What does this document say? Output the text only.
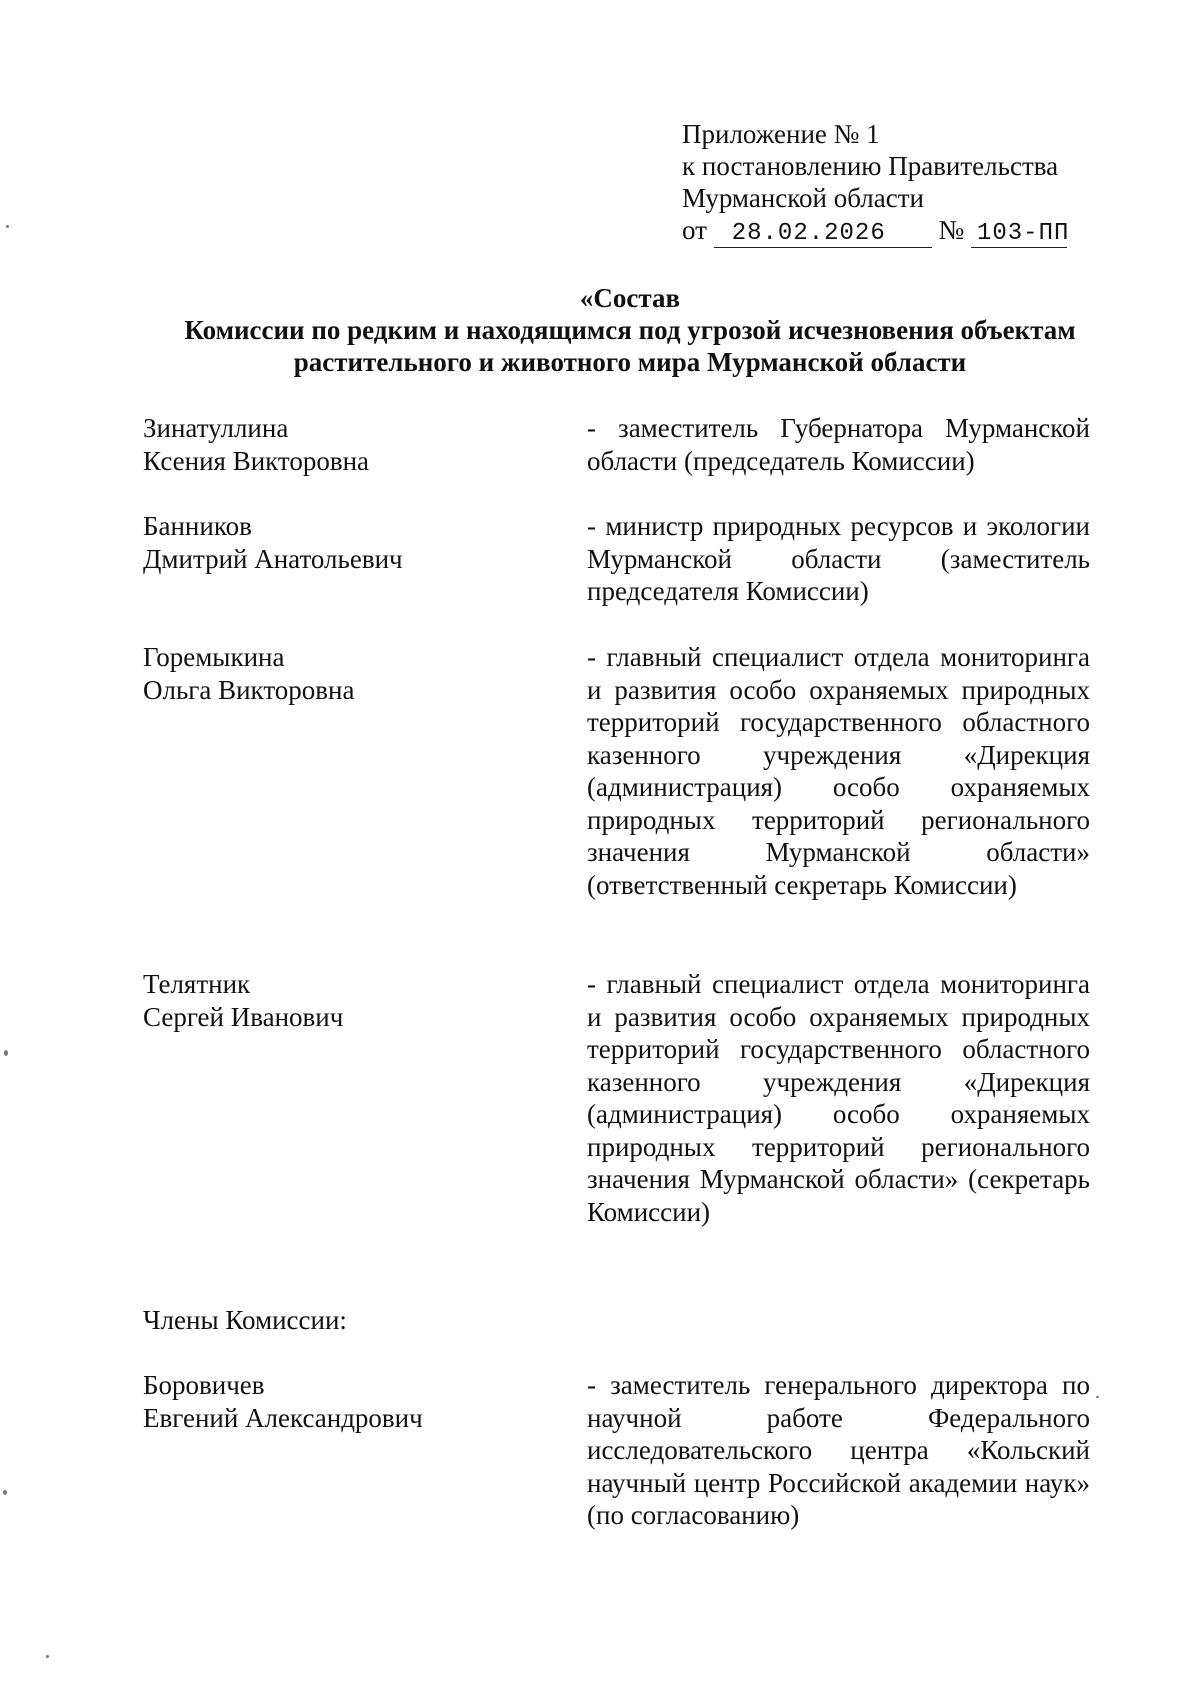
Приложение № 1
к постановлению Правительства
Мурманской области
от 28.02.2026 № 103-ПП
«Состав
Комиссии по редким и находящимся под угрозой исчезновения объектам
растительного и животного мира Мурманской области
Зинатуллина
Ксения Викторовна
- заместитель Губернатора Мурманской области (председатель Комиссии)
Банников
Дмитрий Анатольевич
- министр природных ресурсов и экологии Мурманской области (заместитель председателя Комиссии)
Горемыкина
Ольга Викторовна
- главный специалист отдела мониторинга и развития особо охраняемых природных территорий государственного областного казенного учреждения «Дирекция (администрация) особо охраняемых природных территорий регионального значения Мурманской области» (ответственный секретарь Комиссии)
Телятник
Сергей Иванович
- главный специалист отдела мониторинга и развития особо охраняемых природных территорий государственного областного казенного учреждения «Дирекция (администрация) особо охраняемых природных территорий регионального значения Мурманской области» (секретарь Комиссии)
Члены Комиссии:
Боровичев
Евгений Александрович
- заместитель генерального директора по научной работе Федерального исследовательского центра «Кольский научный центр Российской академии наук» (по согласованию)
